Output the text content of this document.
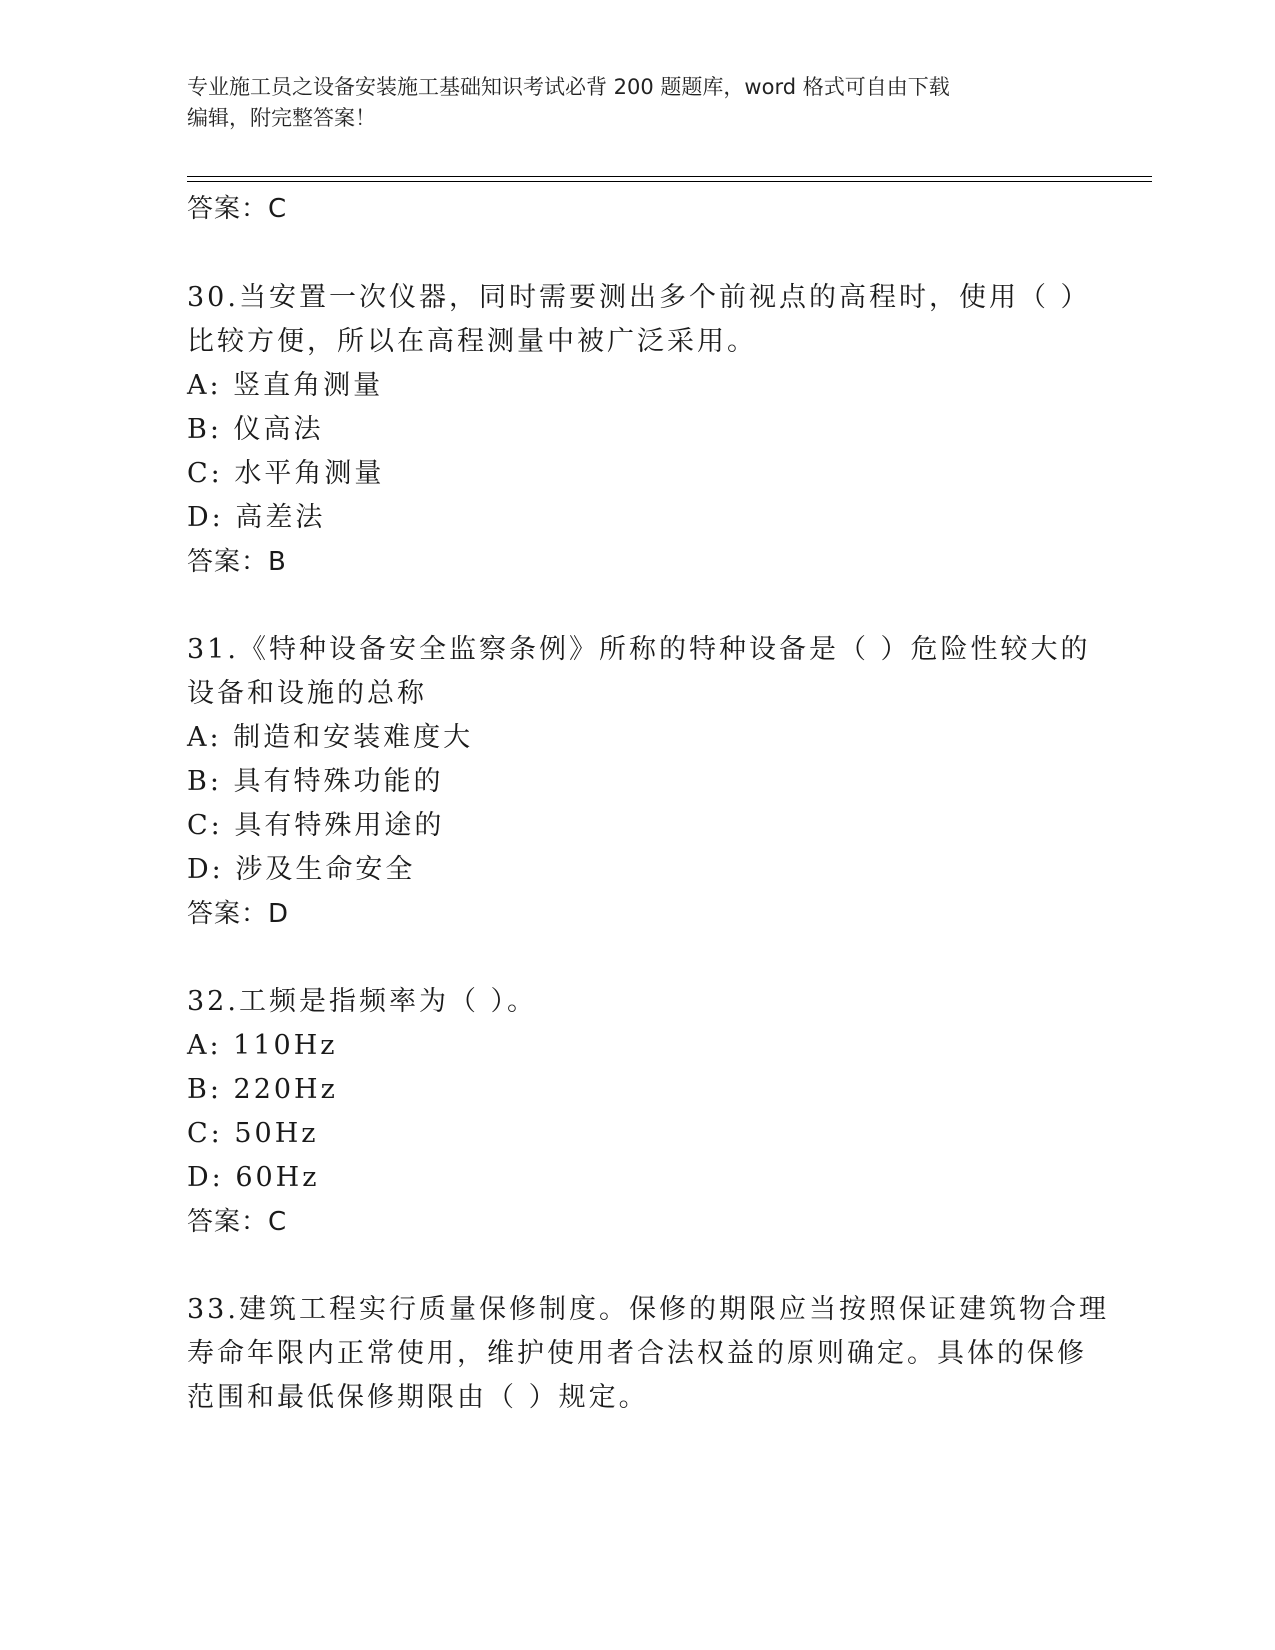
专业施工员之设备安装施工基础知识考试必背 200 题题库，word 格式可自由下载
编辑，附完整答案！
答案：C
30.当安置一次仪器，同时需要测出多个前视点的高程时，使用（ ）
比较方便，所以在高程测量中被广泛采用。
A: 竖直角测量
B: 仪高法
C: 水平角测量
D: 高差法
答案：B
31.《特种设备安全监察条例》所称的特种设备是（ ）危险性较大的
设备和设施的总称
A: 制造和安装难度大
B: 具有特殊功能的
C: 具有特殊用途的
D: 涉及生命安全
答案：D
32.工频是指频率为（ ）。
A: 110Hz
B: 220Hz
C: 50Hz
D: 60Hz
答案：C
33.建筑工程实行质量保修制度。保修的期限应当按照保证建筑物合理
寿命年限内正常使用，维护使用者合法权益的原则确定。具体的保修
范围和最低保修期限由（ ）规定。
